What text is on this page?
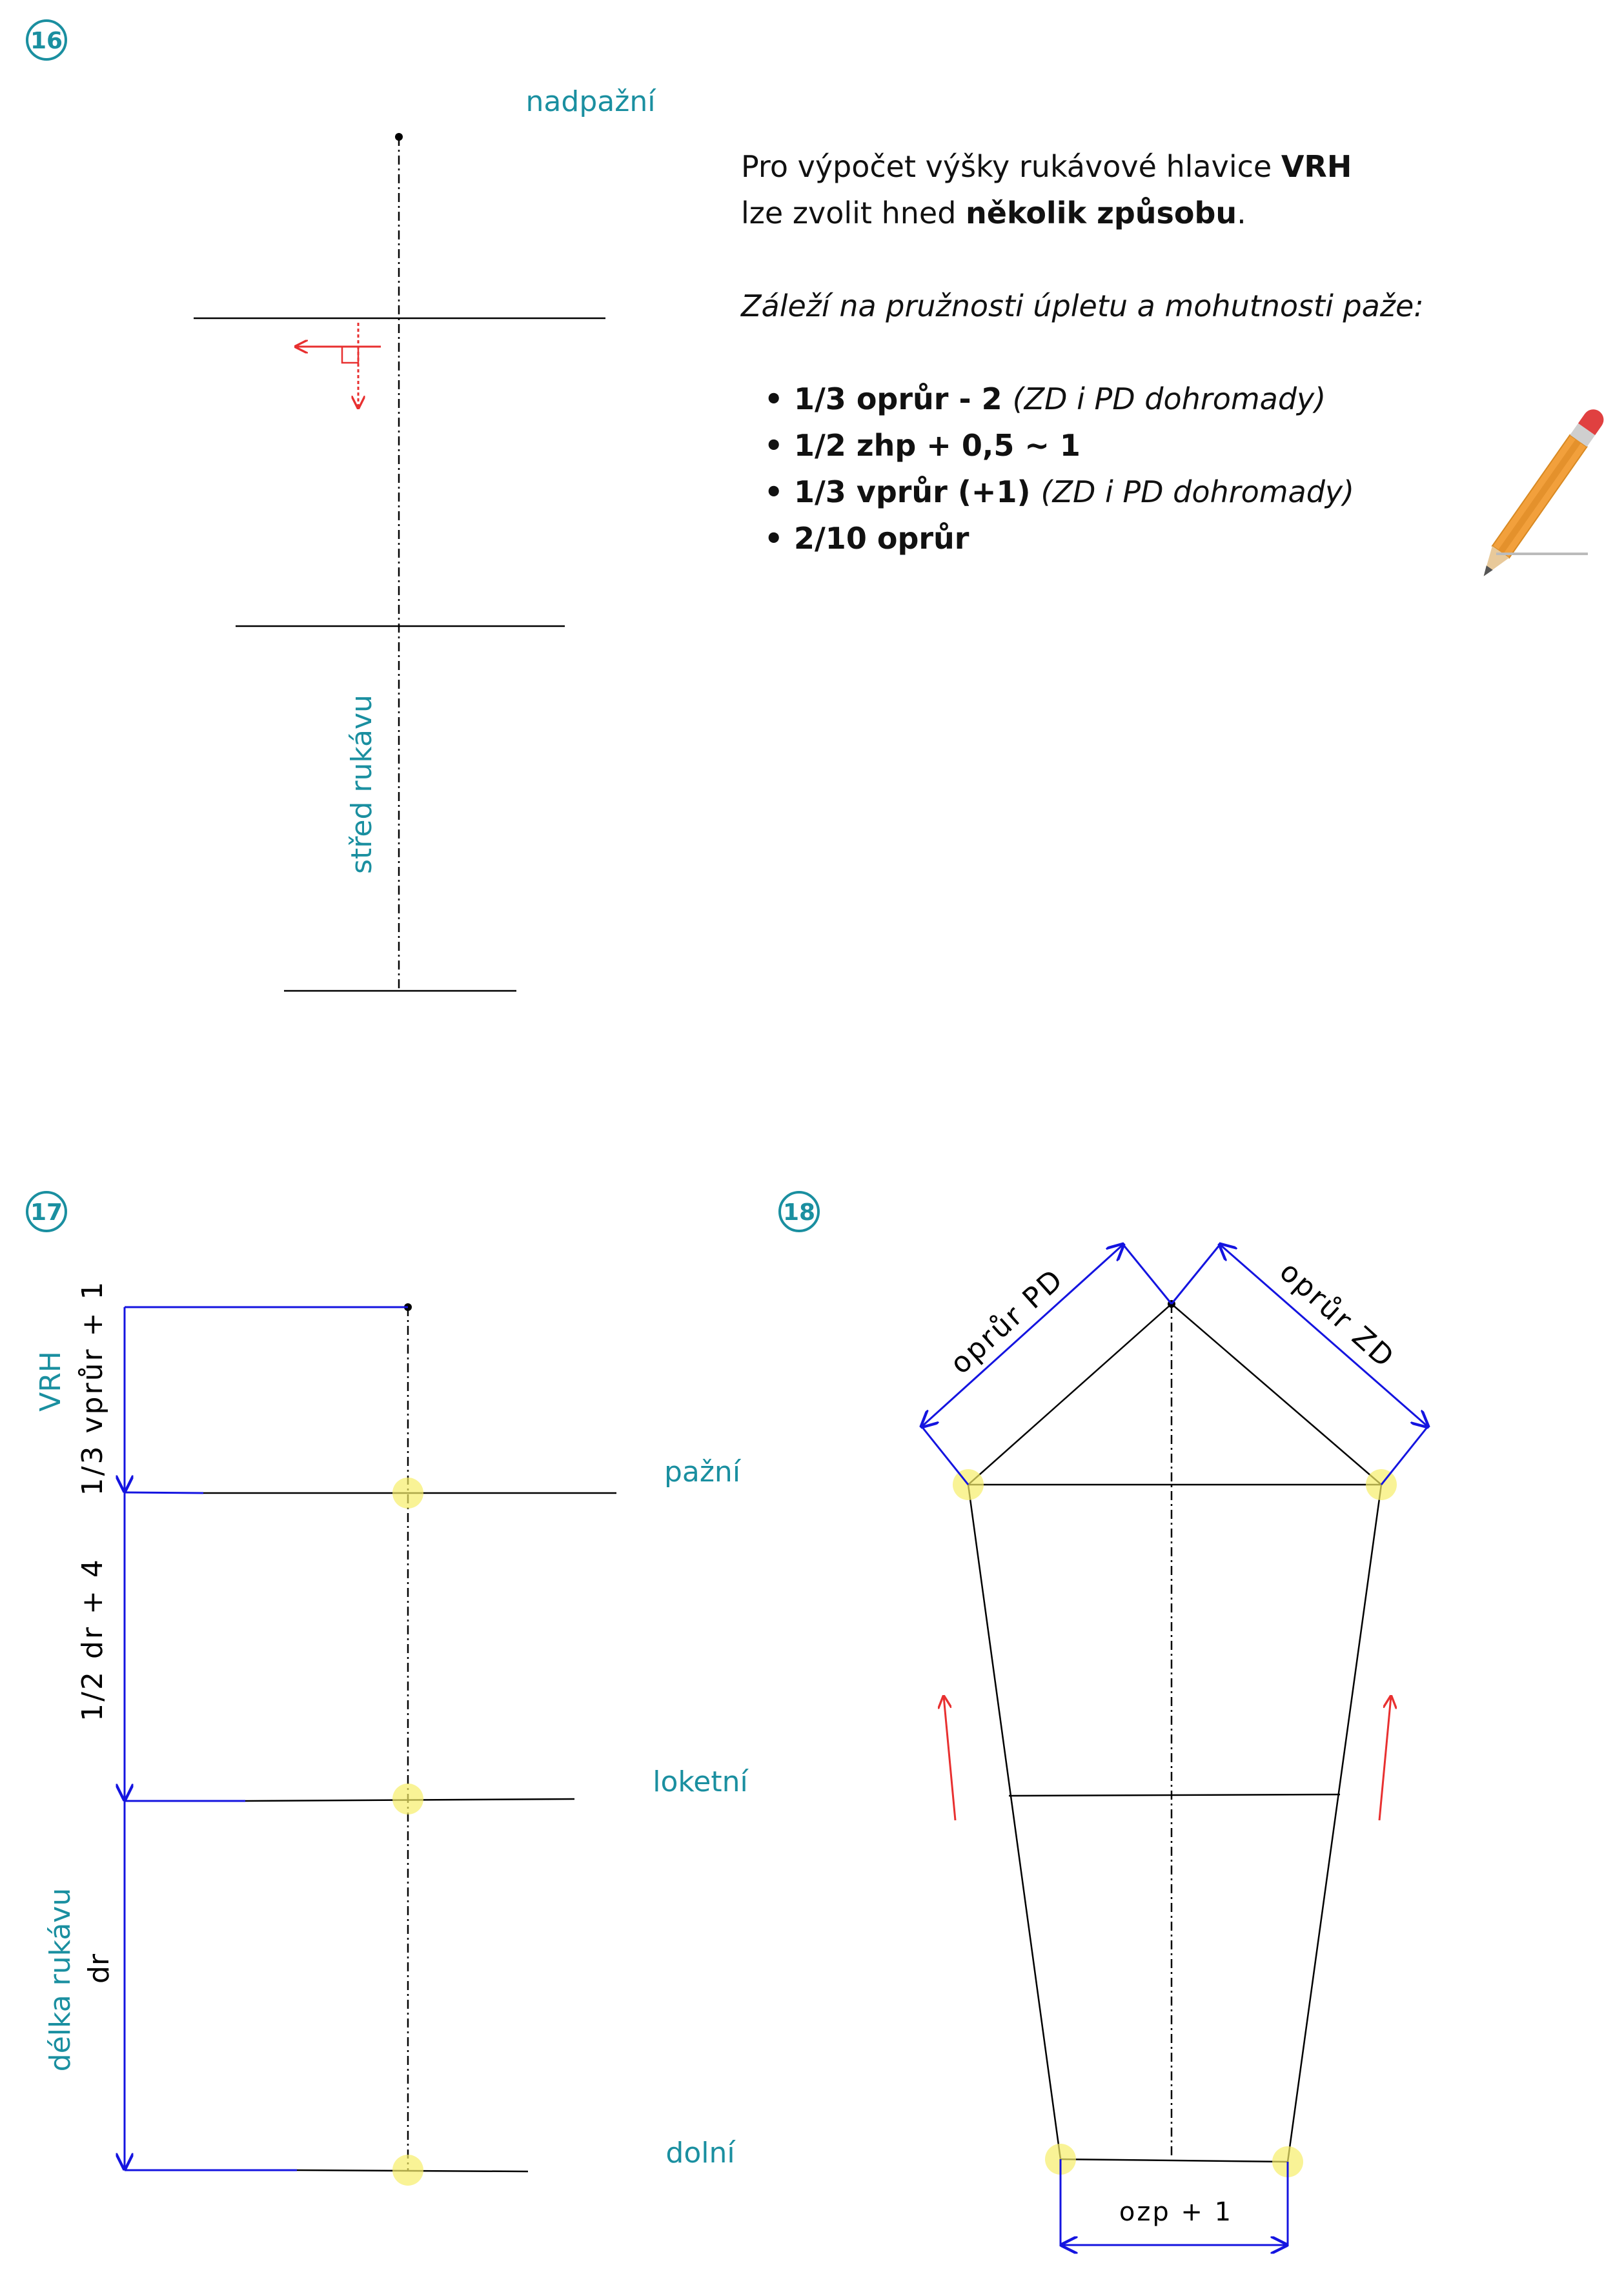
16
nadpažní
střed rukávu
17
VRH 1/3 vprůr + 1
1/2 dr + 4
délka rukávu dr
pažní
loketní
dolní
18
oprůr PD	oprůr ZD
ozp + 1

Pro výpočet výšky rukávové hlavice VRH

lze zvolit hned několik způsobu.

Záleží na pružnosti úpletu a mohutnosti paže:

• 1/3 oprůr - 2 (ZD i PD dohromady)
• 1/2 zhp + 0,5 ~ 1
• 1/3 vprůr (+1) (ZD i PD dohromady)
• 2/10 oprůr
